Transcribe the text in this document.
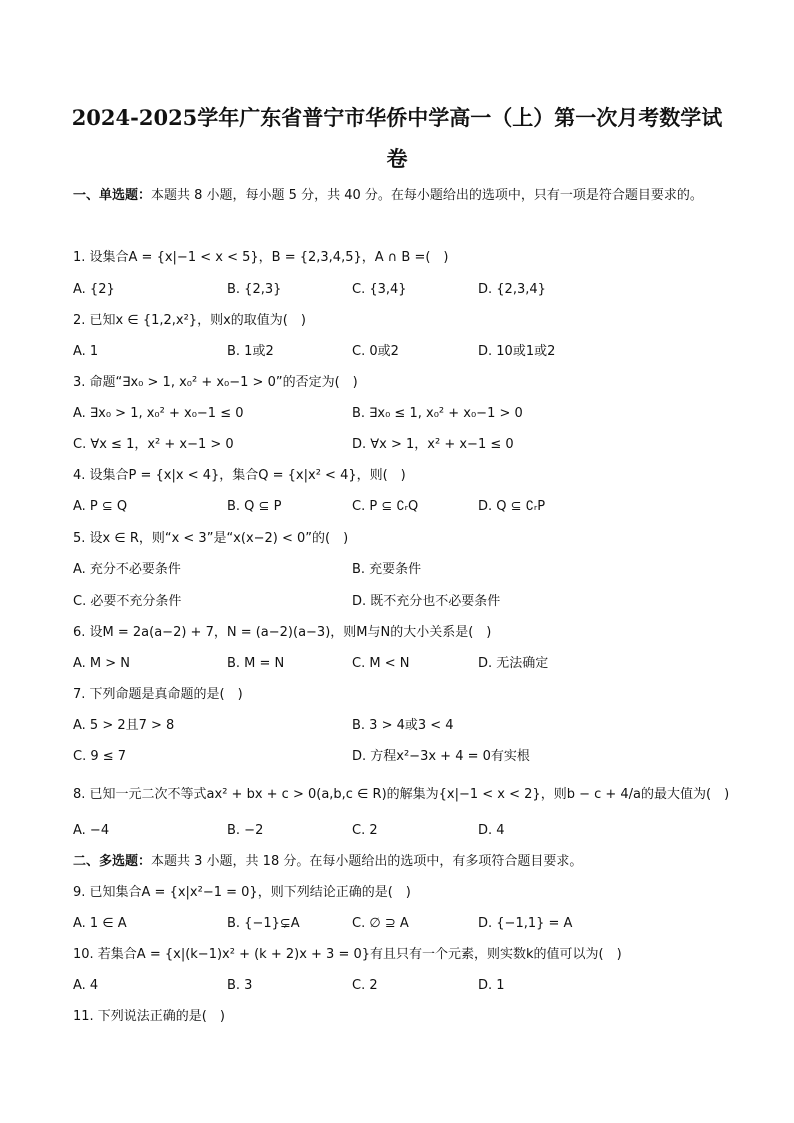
2024-2025学年广东省普宁市华侨中学高一（上）第一次月考数学试
卷
一、单选题：本题共 8 小题，每小题 5 分，共 40 分。在每小题给出的选项中，只有一项是符合题目要求的。
1. 设集合A = {x|−1 < x < 5}，B = {2,3,4,5}，A ∩ B =(　)
A. {2}	B. {2,3}	C. {3,4}	D. {2,3,4}
2. 已知x ∈ {1,2,x²}，则x的取值为(　)
A. 1	B. 1或2	C. 0或2	D. 10或1或2
3. 命题“∃x₀ > 1, x₀² + x₀−1 > 0”的否定为(　)
A. ∃x₀ > 1, x₀² + x₀−1 ≤ 0	B. ∃x₀ ≤ 1, x₀² + x₀−1 > 0
C. ∀x ≤ 1，x² + x−1 > 0	D. ∀x > 1，x² + x−1 ≤ 0
4. 设集合P = {x|x < 4}，集合Q = {x|x² < 4}，则(　)
A. P ⊆ Q	B. Q ⊆ P	C. P ⊆ ∁ᵣQ	D. Q ⊆ ∁ᵣP
5. 设x ∈ R，则“x < 3”是“x(x−2) < 0”的(　)
A. 充分不必要条件	B. 充要条件
C. 必要不充分条件	D. 既不充分也不必要条件
6. 设M = 2a(a−2) + 7，N = (a−2)(a−3)，则M与N的大小关系是(　)
A. M > N	B. M = N	C. M < N	D. 无法确定
7. 下列命题是真命题的是(　)
A. 5 > 2且7 > 8	B. 3 > 4或3 < 4
C. 9 ≤ 7	D. 方程x²−3x + 4 = 0有实根
8. 已知一元二次不等式ax² + bx + c > 0(a,b,c ∈ R)的解集为{x|−1 < x < 2}，则b − c + 4/a的最大值为(　)
A. −4	B. −2	C. 2	D. 4
二、多选题：本题共 3 小题，共 18 分。在每小题给出的选项中，有多项符合题目要求。
9. 已知集合A = {x|x²−1 = 0}，则下列结论正确的是(　)
A. 1 ∈ A	B. {−1}⊊A	C. ∅ ⊇ A	D. {−1,1} = A
10. 若集合A = {x|(k−1)x² + (k + 2)x + 3 = 0}有且只有一个元素，则实数k的值可以为(　)
A. 4	B. 3	C. 2	D. 1
11. 下列说法正确的是(　)
